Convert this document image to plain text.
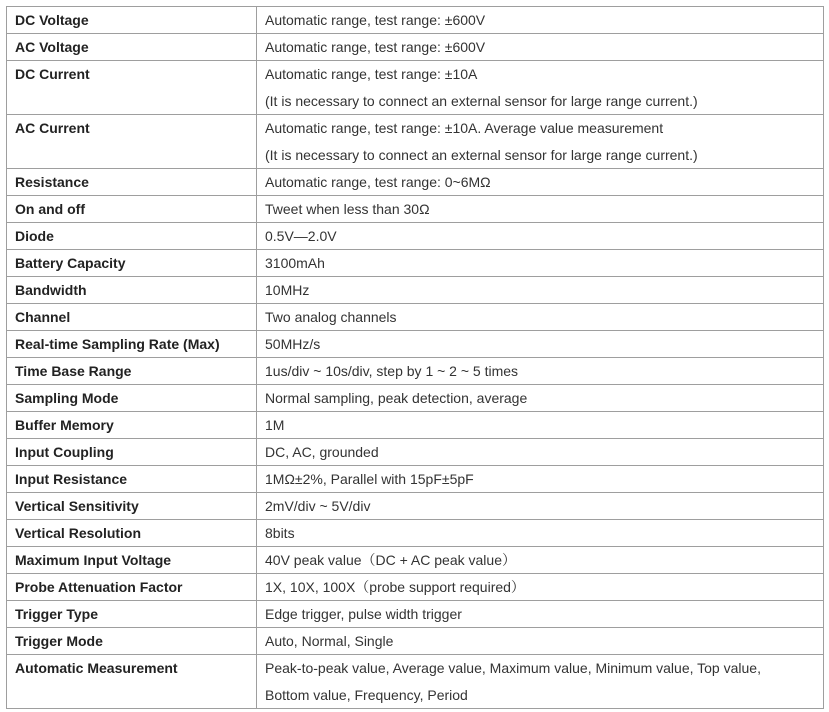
DC Voltage	Automatic range, test range: ±600V

AC Voltage	Automatic range, test range: ±600V

DC Current	Automatic range, test range: ±10A
(It is necessary to connect an external sensor for large range current.)

AC Current	Automatic range, test range: ±10A. Average value measurement
(It is necessary to connect an external sensor for large range current.)

Resistance	Automatic range, test range: 0~6MΩ

On and off	Tweet when less than 30Ω

Diode	0.5V—2.0V

Battery Capacity	3100mAh

Bandwidth	10MHz

Channel	Two analog channels

Real-time Sampling Rate (Max)	50MHz/s

Time Base Range	1us/div ~ 10s/div, step by 1 ~ 2 ~ 5 times

Sampling Mode	Normal sampling, peak detection, average

Buffer Memory	1M

Input Coupling	DC, AC, grounded

Input Resistance	1MΩ±2%, Parallel with 15pF±5pF

Vertical Sensitivity	2mV/div ~ 5V/div

Vertical Resolution	8bits

Maximum Input Voltage	40V peak value（DC + AC peak value）

Probe Attenuation Factor	1X, 10X, 100X（probe support required）

Trigger Type	Edge trigger, pulse width trigger

Trigger Mode	Auto, Normal, Single

Automatic Measurement	Peak-to-peak value, Average value, Maximum value, Minimum value, Top value,
Bottom value, Frequency, Period
